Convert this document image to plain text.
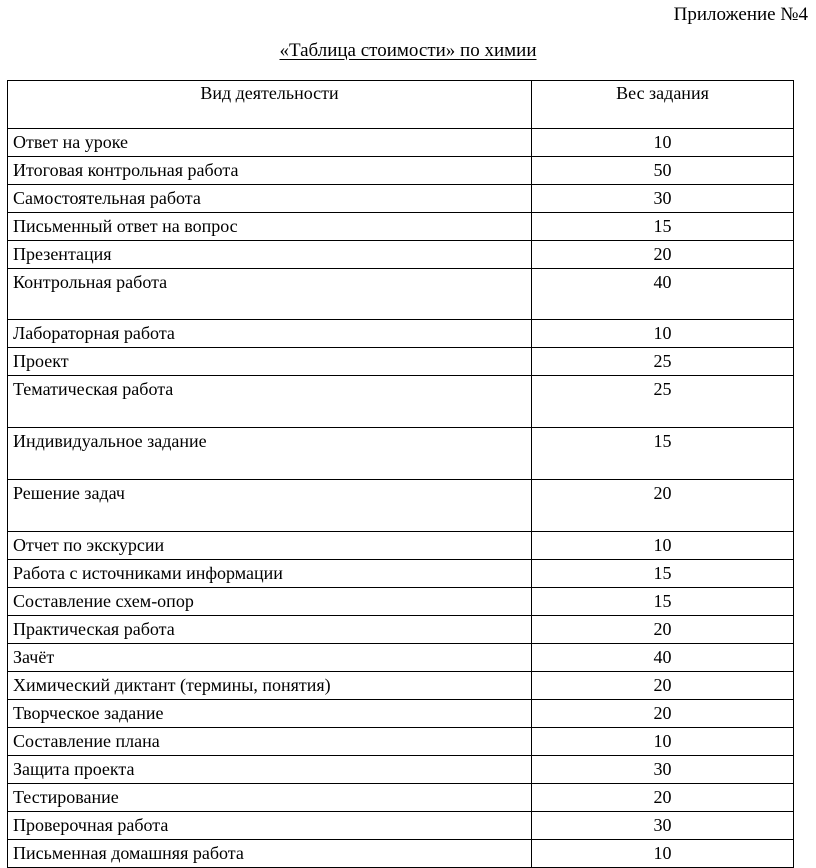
Приложение №4
«Таблица стоимости» по химии
Вид деятельности	Вес задания
Ответ на уроке	10
Итоговая контрольная работа	50
Самостоятельная работа	30
Письменный ответ на вопрос	15
Презентация	20
Контрольная работа	40
Лабораторная работа	10
Проект	25
Тематическая работа	25
Индивидуальное задание	15
Решение задач	20
Отчет по экскурсии	10
Работа с источниками информации	15
Составление схем-опор	15
Практическая работа	20
Зачёт	40
Химический диктант (термины, понятия)	20
Творческое задание	20
Составление плана	10
Защита проекта	30
Тестирование	20
Проверочная работа	30
Письменная домашняя работа	10
